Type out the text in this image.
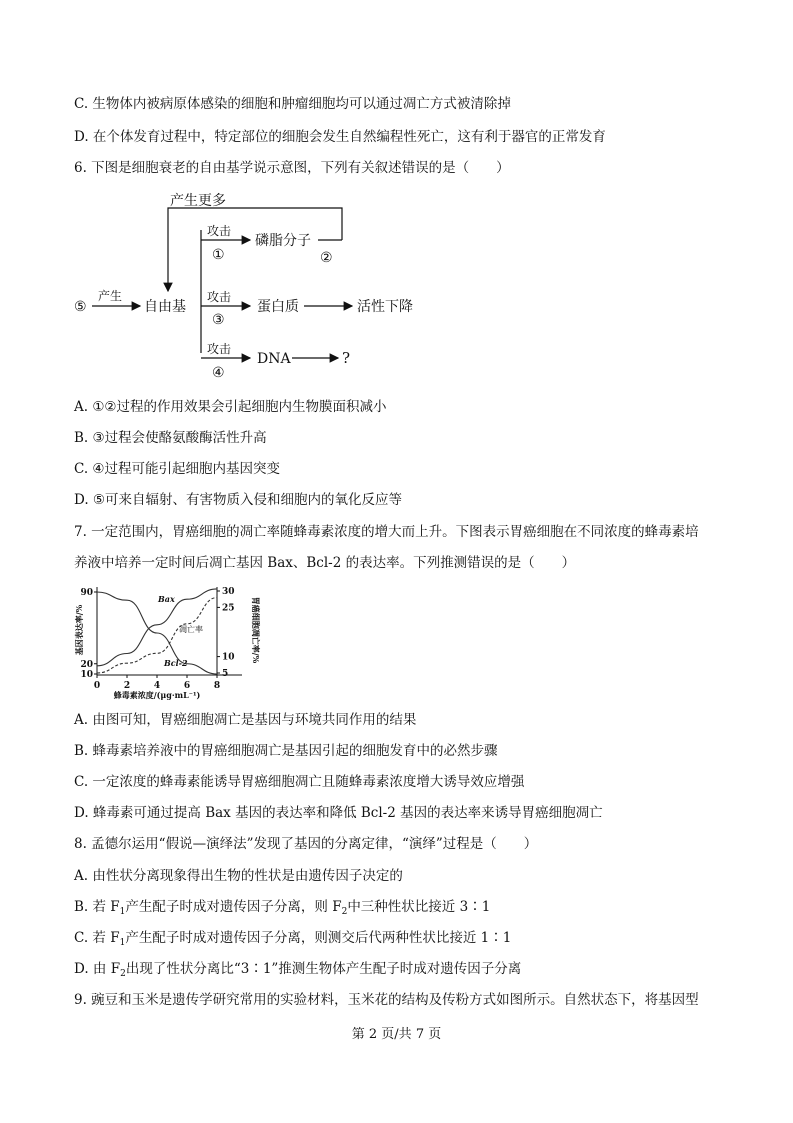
C. 生物体内被病原体感染的细胞和肿瘤细胞均可以通过凋亡方式被清除掉
D. 在个体发育过程中，特定部位的细胞会发生自然编程性死亡，这有利于器官的正常发育
6. 下图是细胞衰老的自由基学说示意图，下列有关叙述错误的是（　　）
产生更多
攻击
①
磷脂分子
②
攻击
③
蛋白质	活性下降
攻击
④
DNA	?
⑤
产生
自由基
A. ①②过程的作用效果会引起细胞内生物膜面积减小
B. ③过程会使酪氨酸酶活性升高
C. ④过程可能引起细胞内基因突变
D. ⑤可来自辐射、有害物质入侵和细胞内的氧化反应等
7. 一定范围内，胃癌细胞的凋亡率随蜂毒素浓度的增大而上升。下图表示胃癌细胞在不同浓度的蜂毒素培
养液中培养一定时间后凋亡基因 Bax、Bcl-2 的表达率。下列推测错误的是（　　）
基因表达率/%	胃癌细胞凋亡率/%
蜂毒素浓度/(μg·mL⁻¹)
0	2	4	6	8
90
20
10
30
25
10
5
Bax
Bcl-2
凋亡率
A. 由图可知，胃癌细胞凋亡是基因与环境共同作用的结果
B. 蜂毒素培养液中的胃癌细胞凋亡是基因引起的细胞发育中的必然步骤
C. 一定浓度的蜂毒素能诱导胃癌细胞凋亡且随蜂毒素浓度增大诱导效应增强
D. 蜂毒素可通过提高 Bax 基因的表达率和降低 Bcl-2 基因的表达率来诱导胃癌细胞凋亡
8. 孟德尔运用“假说—演绎法”发现了基因的分离定律，“演绎”过程是（　　）
A. 由性状分离现象得出生物的性状是由遗传因子决定的
B. 若 $F_1$产生配子时成对遗传因子分离，则 $F_2$中三种性状比接近 3∶1
C. 若 $F_1$产生配子时成对遗传因子分离，则测交后代两种性状比接近 1∶1
D. 由 $F_2$出现了性状分离比“3∶1”推测生物体产生配子时成对遗传因子分离
9. 豌豆和玉米是遗传学研究常用的实验材料，玉米花的结构及传粉方式如图所示。自然状态下，将基因型
第 2 页/共 7 页
